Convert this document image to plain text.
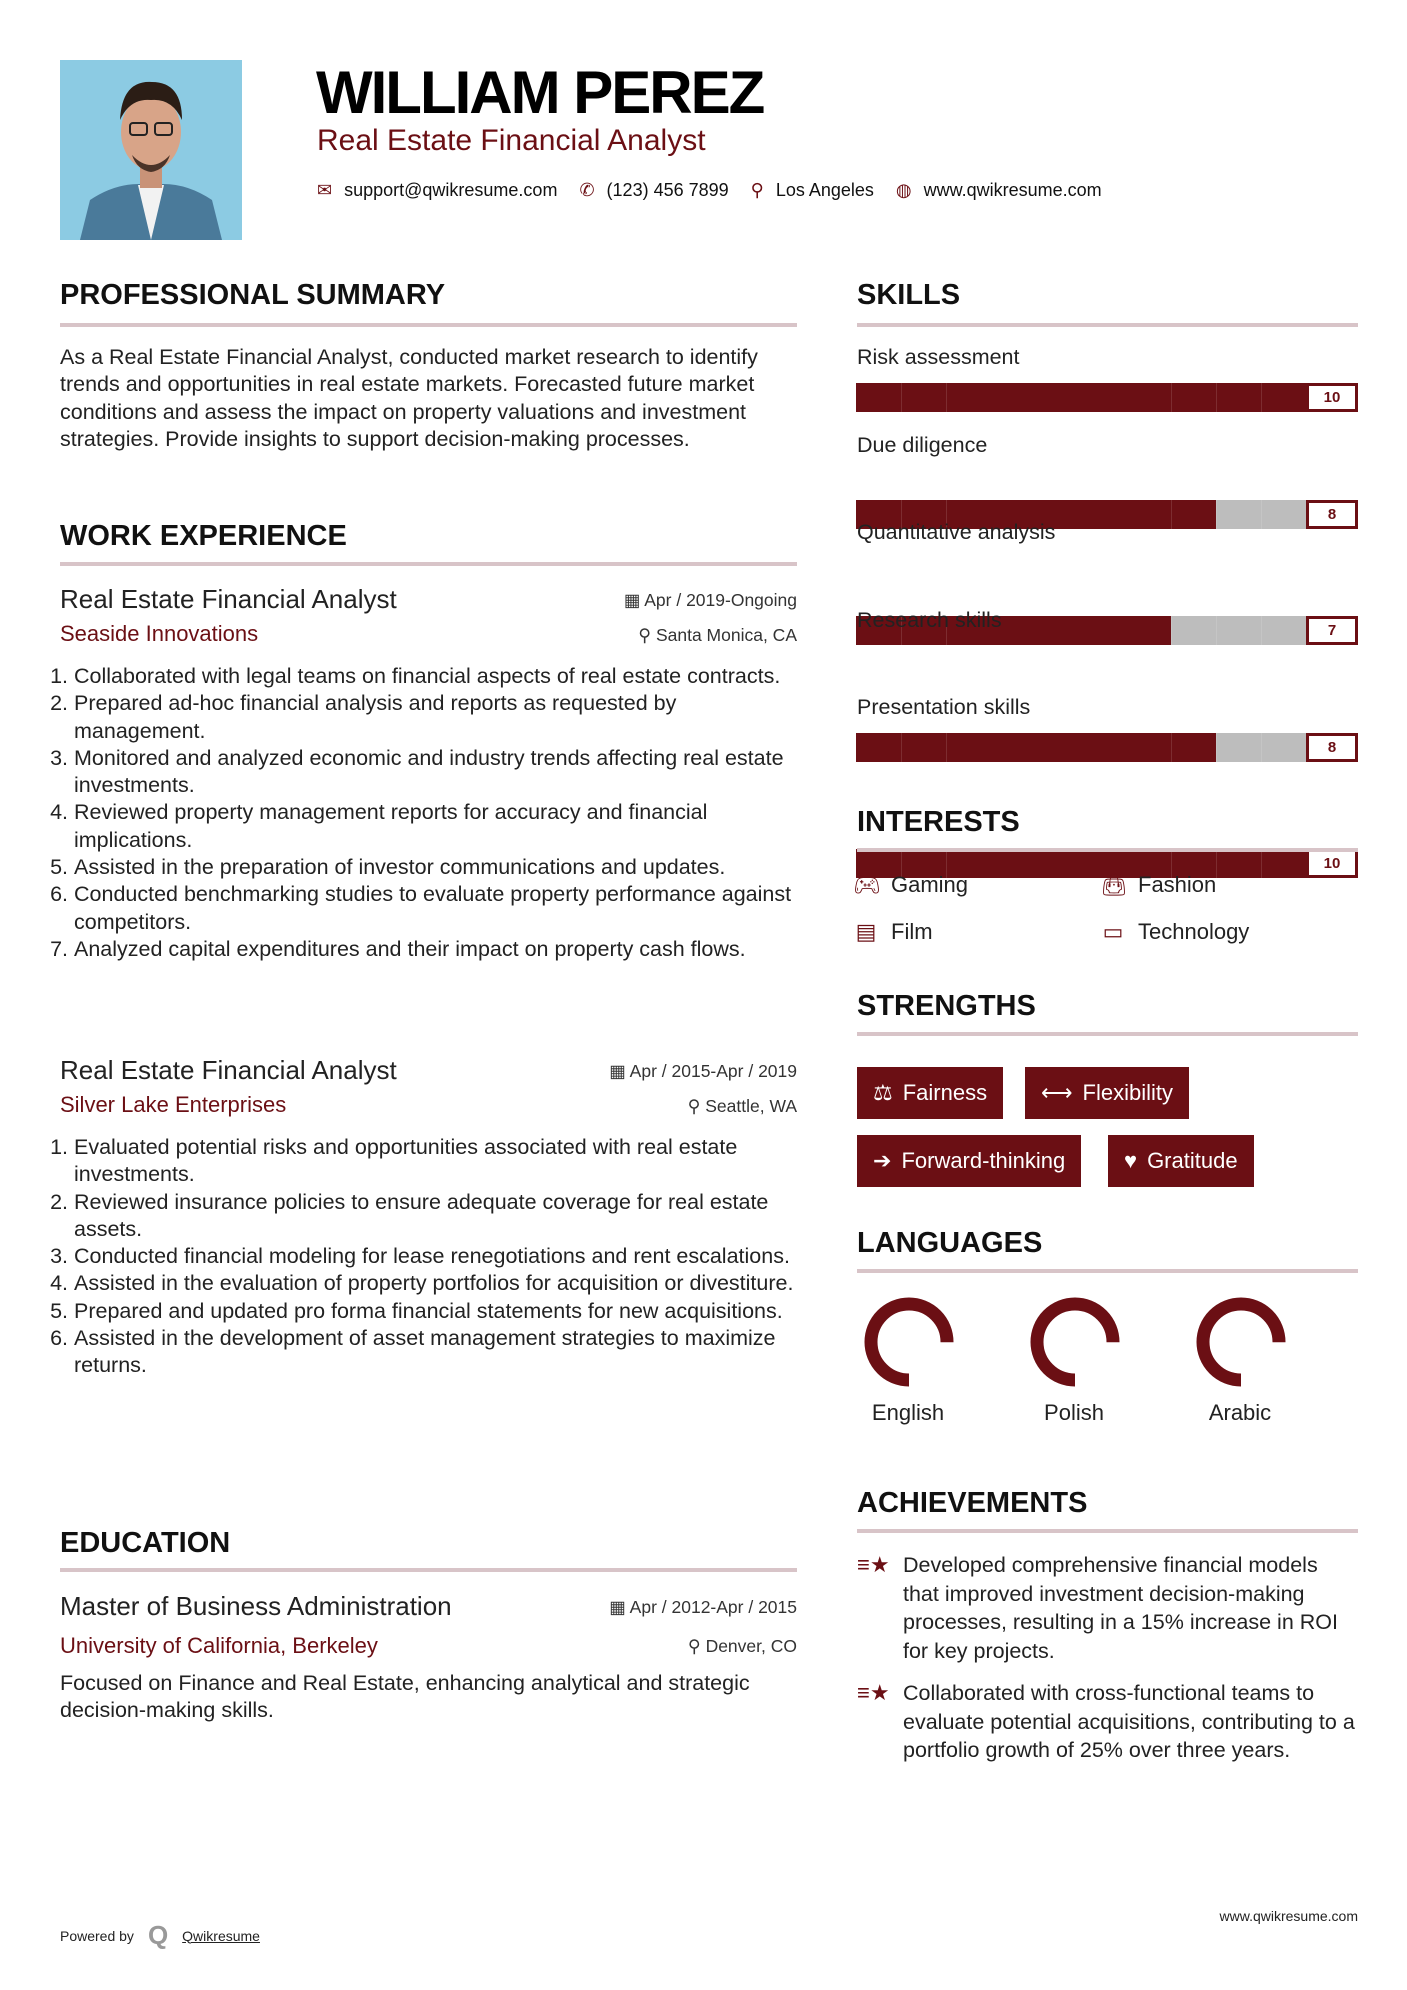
WILLIAM PEREZ
Real Estate Financial Analyst
✉ support@qwikresume.com ✆ (123) 456 7899 ⚲ Los Angeles ◍ www.qwikresume.com
PROFESSIONAL SUMMARY
As a Real Estate Financial Analyst, conducted market research to identify trends and opportunities in real estate markets. Forecasted future market conditions and assess the impact on property valuations and investment strategies. Provide insights to support decision-making processes.
WORK EXPERIENCE
Real Estate Financial Analyst
Seaside Innovations
▦ Apr / 2019-Ongoing
⚲ Santa Monica, CA
1. Collaborated with legal teams on financial aspects of real estate contracts.
2. Prepared ad-hoc financial analysis and reports as requested by management.
3. Monitored and analyzed economic and industry trends affecting real estate investments.
4. Reviewed property management reports for accuracy and financial implications.
5. Assisted in the preparation of investor communications and updates.
6. Conducted benchmarking studies to evaluate property performance against competitors.
7. Analyzed capital expenditures and their impact on property cash flows.
Real Estate Financial Analyst
Silver Lake Enterprises
▦ Apr / 2015-Apr / 2019
⚲ Seattle, WA
1. Evaluated potential risks and opportunities associated with real estate investments.
2. Reviewed insurance policies to ensure adequate coverage for real estate assets.
3. Conducted financial modeling for lease renegotiations and rent escalations.
4. Assisted in the evaluation of property portfolios for acquisition or divestiture.
5. Prepared and updated pro forma financial statements for new acquisitions.
6. Assisted in the development of asset management strategies to maximize returns.
EDUCATION
Master of Business Administration
University of California, Berkeley
▦ Apr / 2012-Apr / 2015
⚲ Denver, CO
Focused on Finance and Real Estate, enhancing analytical and strategic decision-making skills.
SKILLS
Risk assessment
10
Due diligence
8
Quantitative analysis
7
Research skills
8
Presentation skills
10
INTERESTS
🎮︎ Gaming	👜︎ Fashion
▤ Film	▭ Technology
STRENGTHS
⚖ Fairness ⟷ Flexibility
➔ Forward-thinking	♥ Gratitude
LANGUAGES
English	Polish	Arabic
ACHIEVEMENTS
≡★ Developed comprehensive financial models that improved investment decision-making processes, resulting in a 15% increase in ROI for key projects.
≡★ Collaborated with cross-functional teams to evaluate potential acquisitions, contributing to a portfolio growth of 25% over three years.
Powered by Q Qwikresume
www.qwikresume.com
